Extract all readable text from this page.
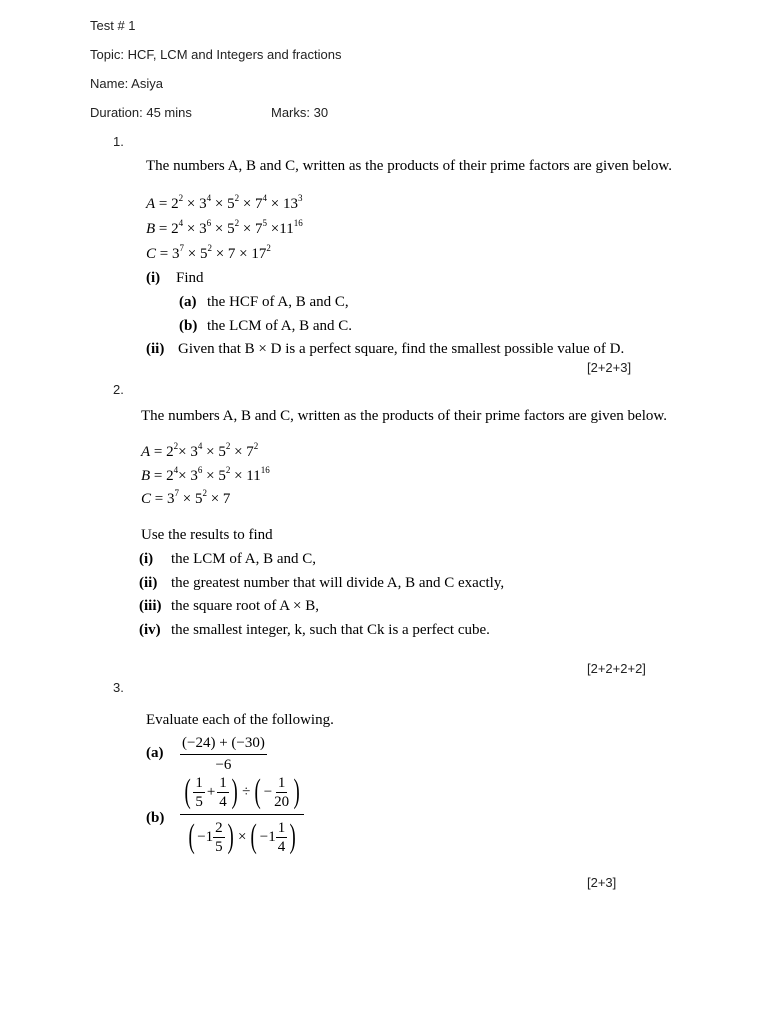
Test # 1
Topic: HCF, LCM and Integers and fractions
Name: Asiya
Duration: 45 mins	Marks: 30
1.
The numbers A, B and C, written as the products of their prime factors are given below.
$A = 2^2 \times 3^4 \times 5^2 \times 7^4 \times 13^3$
$B = 2^4 \times 3^6 \times 5^2 \times 7^5 \times 11^{16}$
$C = 3^7 \times 5^2 \times 7 \times 17^2$
(i) Find
(a) the HCF of A, B and C,
(b) the LCM of A, B and C.
(ii) Given that B × D is a perfect square, find the smallest possible value of D.
[2+2+3]
2.
The numbers A, B and C, written as the products of their prime factors are given below.
$A = 2^2\times 3^4 \times 5^2 \times 7^2$
$B = 2^4\times 3^6 \times 5^2 \times 11^{16}$
$C = 3^7 \times 5^2 \times 7$
Use the results to find
(i) the LCM of A, B and C,
(ii) the greatest number that will divide A, B and C exactly,
(iii) the square root of A × B,
(iv) the smallest integer, k, such that Ck is a perfect cube.
[2+2+2+2]
3.
Evaluate each of the following.
(a)
(−24) + (−30)
−6
(b)
( $\frac{1}{5} + \frac{1}{4}$ ) ÷ ( − $\frac{1}{20}$ )
( $-1 \frac{2}{5}$ ) × ( $-1 \frac{1}{4}$ )
[2+3]
